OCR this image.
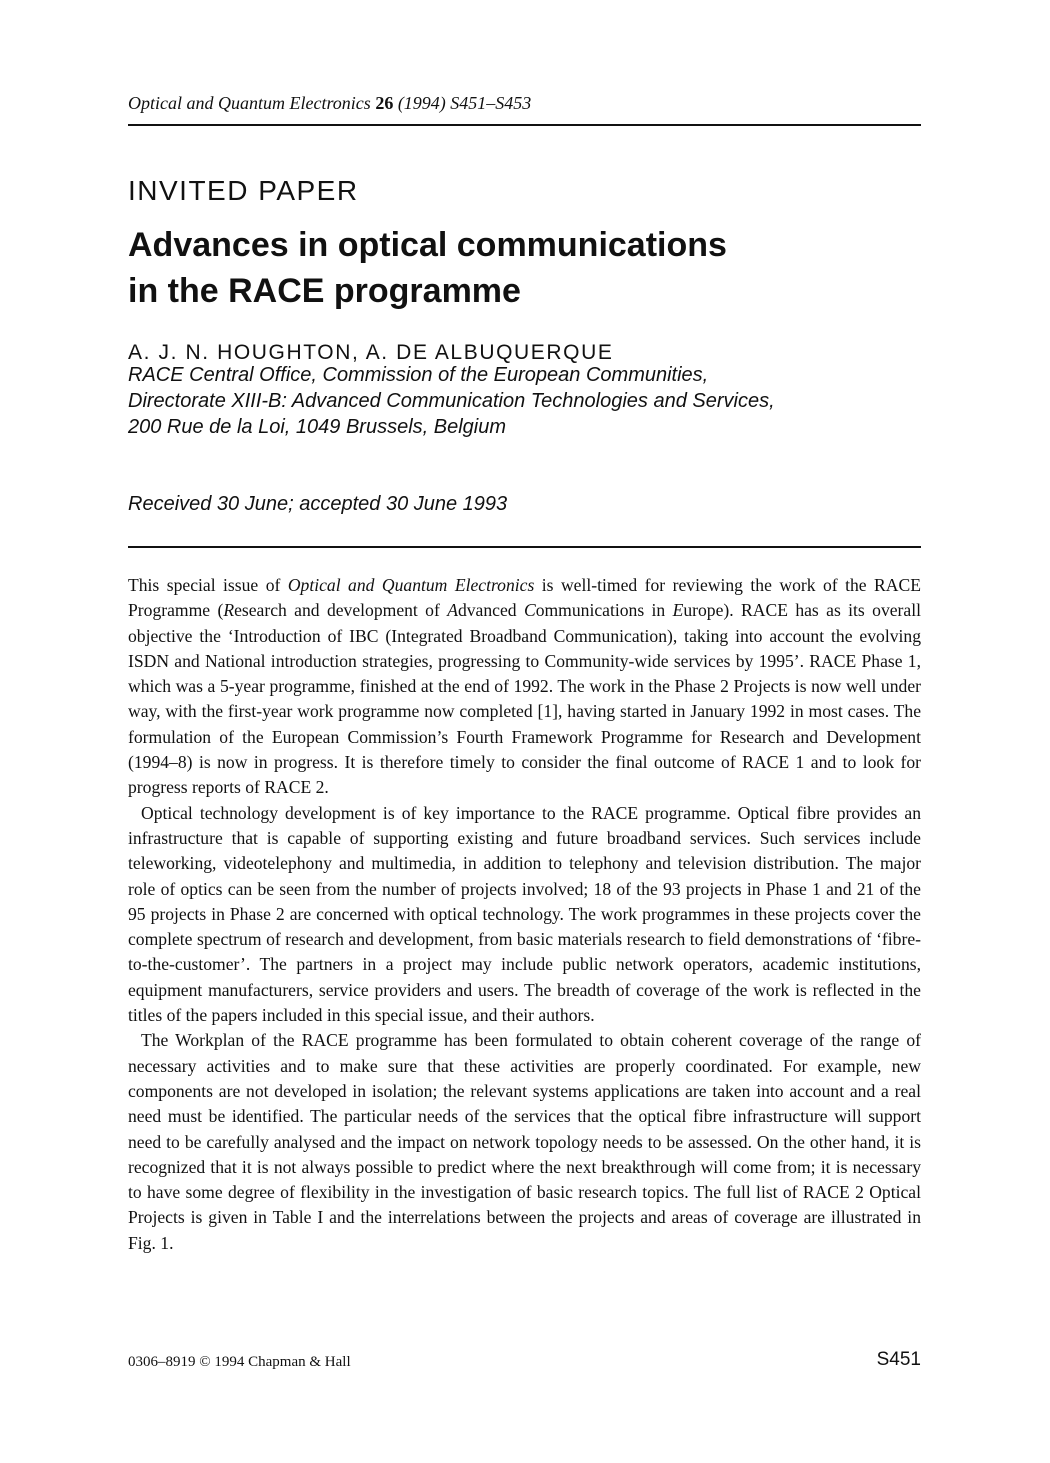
Optical and Quantum Electronics 26 (1994) S451–S453
INVITED PAPER
Advances in optical communications
in the RACE programme
A. J. N. HOUGHTON, A. DE ALBUQUERQUE
RACE Central Office, Commission of the European Communities,
Directorate XIII-B: Advanced Communication Technologies and Services,
200 Rue de la Loi, 1049 Brussels, Belgium
Received 30 June; accepted 30 June 1993

This special issue of Optical and Quantum Electronics is well-timed for reviewing the work of the RACE Programme (Research and development of Advanced Communications in Europe). RACE has as its overall objective the ‘Introduction of IBC (Integrated Broadband Communication), taking into account the evolving ISDN and National introduction strategies, progressing to Community-wide services by 1995’. RACE Phase 1, which was a 5-year programme, finished at the end of 1992. The work in the Phase 2 Projects is now well under way, with the first-year work programme now completed [1], having started in January 1992 in most cases. The formulation of the European Commission’s Fourth Framework Programme for Research and Development (1994–8) is now in progress. It is therefore timely to consider the final outcome of RACE 1 and to look for progress reports of RACE 2.

Optical technology development is of key importance to the RACE programme. Optical fibre provides an infrastructure that is capable of supporting existing and future broadband services. Such services include teleworking, videotelephony and multimedia, in addition to telephony and television distribution. The major role of optics can be seen from the number of projects involved; 18 of the 93 projects in Phase 1 and 21 of the 95 projects in Phase 2 are concerned with optical technology. The work programmes in these projects cover the complete spectrum of research and development, from basic materials research to field demonstrations of ‘fibre-to-the-customer’. The partners in a project may include public network operators, academic institutions, equipment manufacturers, service providers and users. The breadth of coverage of the work is reflected in the titles of the papers included in this special issue, and their authors.

The Workplan of the RACE programme has been formulated to obtain coherent coverage of the range of necessary activities and to make sure that these activities are properly coordinated. For example, new components are not developed in isolation; the relevant systems applications are taken into account and a real need must be identified. The particular needs of the services that the optical fibre infrastructure will support need to be carefully analysed and the impact on network topology needs to be assessed. On the other hand, it is recognized that it is not always possible to predict where the next breakthrough will come from; it is necessary to have some degree of flexibility in the investigation of basic research topics. The full list of RACE 2 Optical Projects is given in Table I and the interrelations between the projects and areas of coverage are illustrated in Fig. 1.

0306–8919 © 1994 Chapman & Hall	S451
